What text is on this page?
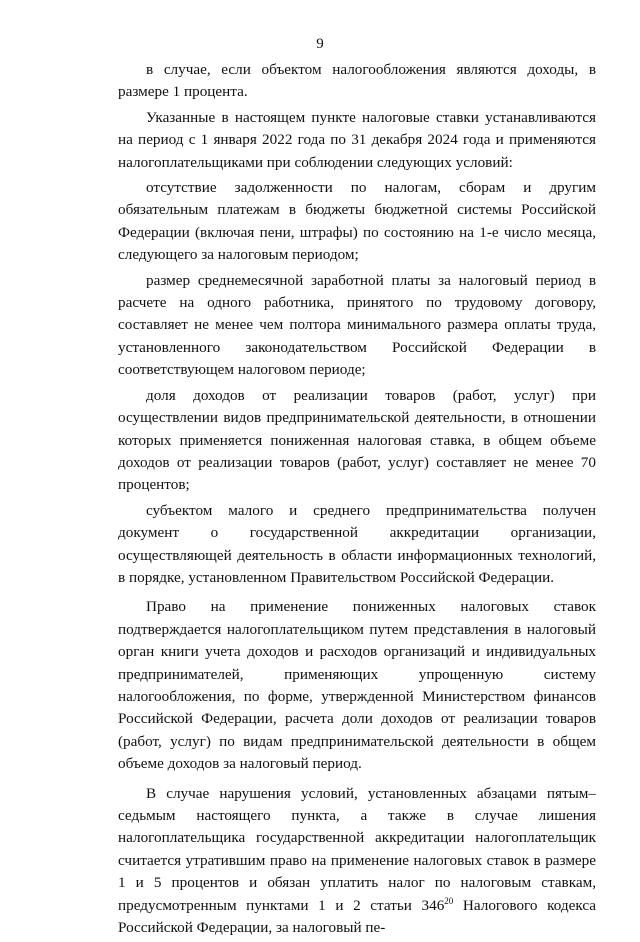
9

в случае, если объектом налогообложения являются доходы, в размере 1 процента.

Указанные в настоящем пункте налоговые ставки устанавливаются на период с 1 января 2022 года по 31 декабря 2024 года и применяются налогоплательщиками при соблюдении следующих условий:

отсутствие задолженности по налогам, сборам и другим обязательным платежам в бюджеты бюджетной системы Российской Федерации (включая пени, штрафы) по состоянию на 1-е число месяца, следующего за налоговым периодом;

размер среднемесячной заработной платы за налоговый период в расчете на одного работника, принятого по трудовому договору, составляет не менее чем полтора минимального размера оплаты труда, установленного законодательством Российской Федерации в соответствующем налоговом периоде;

доля доходов от реализации товаров (работ, услуг) при осуществлении видов предпринимательской деятельности, в отношении которых применяется пониженная налоговая ставка, в общем объеме доходов от реализации товаров (работ, услуг) составляет не менее 70 процентов;

субъектом малого и среднего предпринимательства получен документ о государственной аккредитации организации, осуществляющей деятельность в области информационных технологий, в порядке, установленном Правительством Российской Федерации.

Право на применение пониженных налоговых ставок подтверждается налогоплательщиком путем представления в налоговый орган книги учета доходов и расходов организаций и индивидуальных предпринимателей, применяющих упрощенную систему налогообложения, по форме, утвержденной Министерством финансов Российской Федерации, расчета доли доходов от реализации товаров (работ, услуг) по видам предпринимательской деятельности в общем объеме доходов за налоговый период.

В случае нарушения условий, установленных абзацами пятым–седьмым настоящего пункта, а также в случае лишения налогоплательщика государственной аккредитации налогоплательщик считается утратившим право на применение налоговых ставок в размере 1 и 5 процентов и обязан уплатить налог по налоговым ставкам, предусмотренным пунктами 1 и 2 статьи $346^{20}$ Налогового кодекса Российской Федерации, за налоговый пе-
